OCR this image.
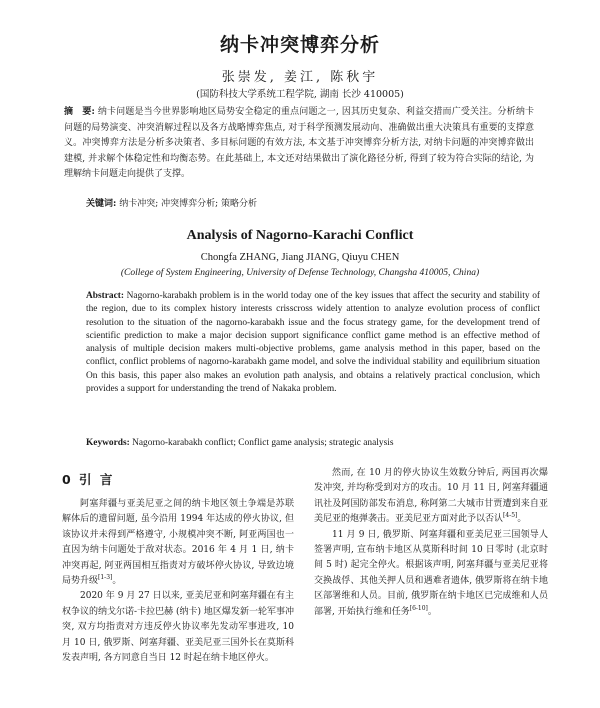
纳卡冲突博弈分析
张崇发, 姜江, 陈秋宇
(国防科技大学系统工程学院, 湖南 长沙 410005)
摘　要: 纳卡问题是当今世界影响地区局势安全稳定的重点问题之一, 因其历史复杂、利益交措而广受关注。分析纳卡问题的局势演变、冲突消解过程以及各方战略博弈焦点, 对于科学预测发展动向、准确做出重大决策具有重要的支撑意义。冲突博弈方法是分析多决策者、多目标问题的有效方法, 本文基于冲突博弈分析方法, 对纳卡问题的冲突博弈做出建模, 并求解个体稳定性和均衡态势。在此基础上, 本文还对结果做出了演化路径分析, 得到了较为符合实际的结论, 为理解纳卡问题走向提供了支撑。
关键词: 纳卡冲突; 冲突博弈分析; 策略分析
Analysis of Nagorno-Karachi Conflict
Chongfa ZHANG, Jiang JIANG, Qiuyu CHEN
(College of System Engineering, University of Defense Technology, Changsha 410005, China)
Abstract: Nagorno-karabakh problem is in the world today one of the key issues that affect the security and stability of the region, due to its complex history interests crisscross widely attention to analyze evolution process of conflict resolution to the situation of the nagorno-karabakh issue and the focus strategy game, for the development trend of scientific prediction to make a major decision support significance conflict game method is an effective method of analysis of multiple decision makers multi-objective problems, game analysis method in this paper, based on the conflict, conflict problems of nagorno-karabakh game model, and solve the individual stability and equilibrium situation On this basis, this paper also makes an evolution path analysis, and obtains a relatively practical conclusion, which provides a support for understanding the trend of Nakaka problem.
Keywords: Nagorno-karabakh conflict; Conflict game analysis; strategic analysis
0 引 言

阿塞拜疆与亚美尼亚之间的纳卡地区领土争端是苏联解体后的遗留问题, 虽今沿用 1994 年达成的停火协议, 但该协议并未得到严格遵守, 小规模冲突不断, 阿亚两国也一直因为纳卡问题处于敌对状态。2016 年 4 月 1 日, 纳卡冲突再起, 阿亚两国相互指责对方破坏停火协议, 导致边境局势升级[1-3]。

2020 年 9 月 27 日以来, 亚美尼亚和阿塞拜疆在有主权争议的纳戈尔诺-卡拉巴赫 (纳卡) 地区爆发新一轮军事冲突, 双方均指责对方违反停火协议率先发动军事进攻, 10 月 10 日, 俄罗斯、阿塞拜疆、亚美尼亚三国外长在莫斯科发表声明, 各方同意自当日 12 时起在纳卡地区停火。

然而, 在 10 月的停火协议生效数分钟后, 两国再次爆发冲突, 并均称受到对方的攻击。10 月 11 日, 阿塞拜疆通讯社及阿国防部发布消息, 称阿第二大城市甘贾遭到来自亚美尼亚的炮弹袭击。亚美尼亚方面对此予以否认[4-5]。

11 月 9 日, 俄罗斯、阿塞拜疆和亚美尼亚三国领导人签署声明, 宣布纳卡地区从莫斯科时间 10 日零时 (北京时间 5 时) 起完全停火。根据该声明, 阿塞拜疆与亚美尼亚将交换战俘、其他关押人员和遇难者遗体, 俄罗斯将在纳卡地区部署维和人员。目前, 俄罗斯在纳卡地区已完成维和人员部署, 开始执行维和任务[6-10]。
